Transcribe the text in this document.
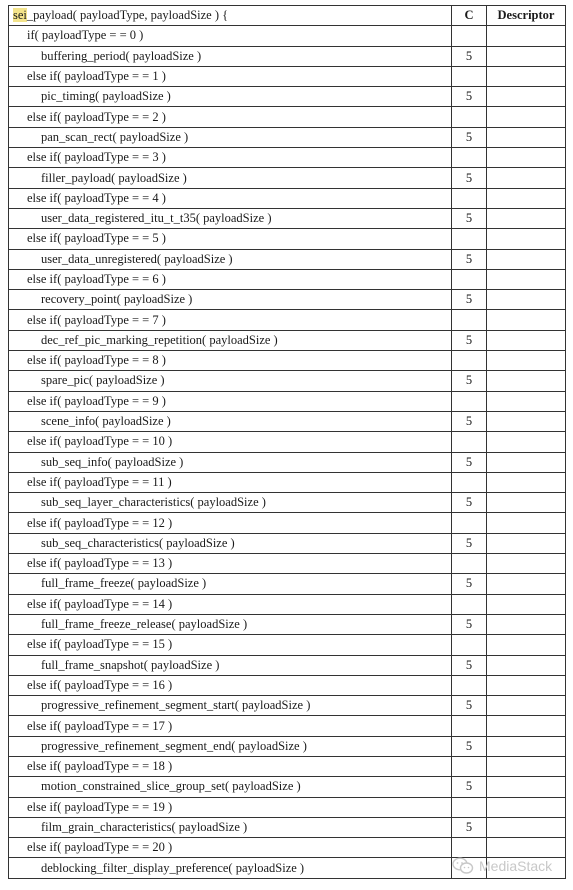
sei_payload( payloadType, payloadSize ) {	C	Descriptor
if( payloadType = = 0 )		
buffering_period( payloadSize )	5	
else if( payloadType = = 1 )		
pic_timing( payloadSize )	5	
else if( payloadType = = 2 )		
pan_scan_rect( payloadSize )	5	
else if( payloadType = = 3 )		
filler_payload( payloadSize )	5	
else if( payloadType = = 4 )		
user_data_registered_itu_t_t35( payloadSize )	5	
else if( payloadType = = 5 )		
user_data_unregistered( payloadSize )	5	
else if( payloadType = = 6 )		
recovery_point( payloadSize )	5	
else if( payloadType = = 7 )		
dec_ref_pic_marking_repetition( payloadSize )	5	
else if( payloadType = = 8 )		
spare_pic( payloadSize )	5	
else if( payloadType = = 9 )		
scene_info( payloadSize )	5	
else if( payloadType = = 10 )		
sub_seq_info( payloadSize )	5	
else if( payloadType = = 11 )		
sub_seq_layer_characteristics( payloadSize )	5	
else if( payloadType = = 12 )		
sub_seq_characteristics( payloadSize )	5	
else if( payloadType = = 13 )		
full_frame_freeze( payloadSize )	5	
else if( payloadType = = 14 )		
full_frame_freeze_release( payloadSize )	5	
else if( payloadType = = 15 )		
full_frame_snapshot( payloadSize )	5	
else if( payloadType = = 16 )		
progressive_refinement_segment_start( payloadSize )	5	
else if( payloadType = = 17 )		
progressive_refinement_segment_end( payloadSize )	5	
else if( payloadType = = 18 )		
motion_constrained_slice_group_set( payloadSize )	5	
else if( payloadType = = 19 )		
film_grain_characteristics( payloadSize )	5	
else if( payloadType = = 20 )		
deblocking_filter_display_preference( payloadSize )			MediaStack
